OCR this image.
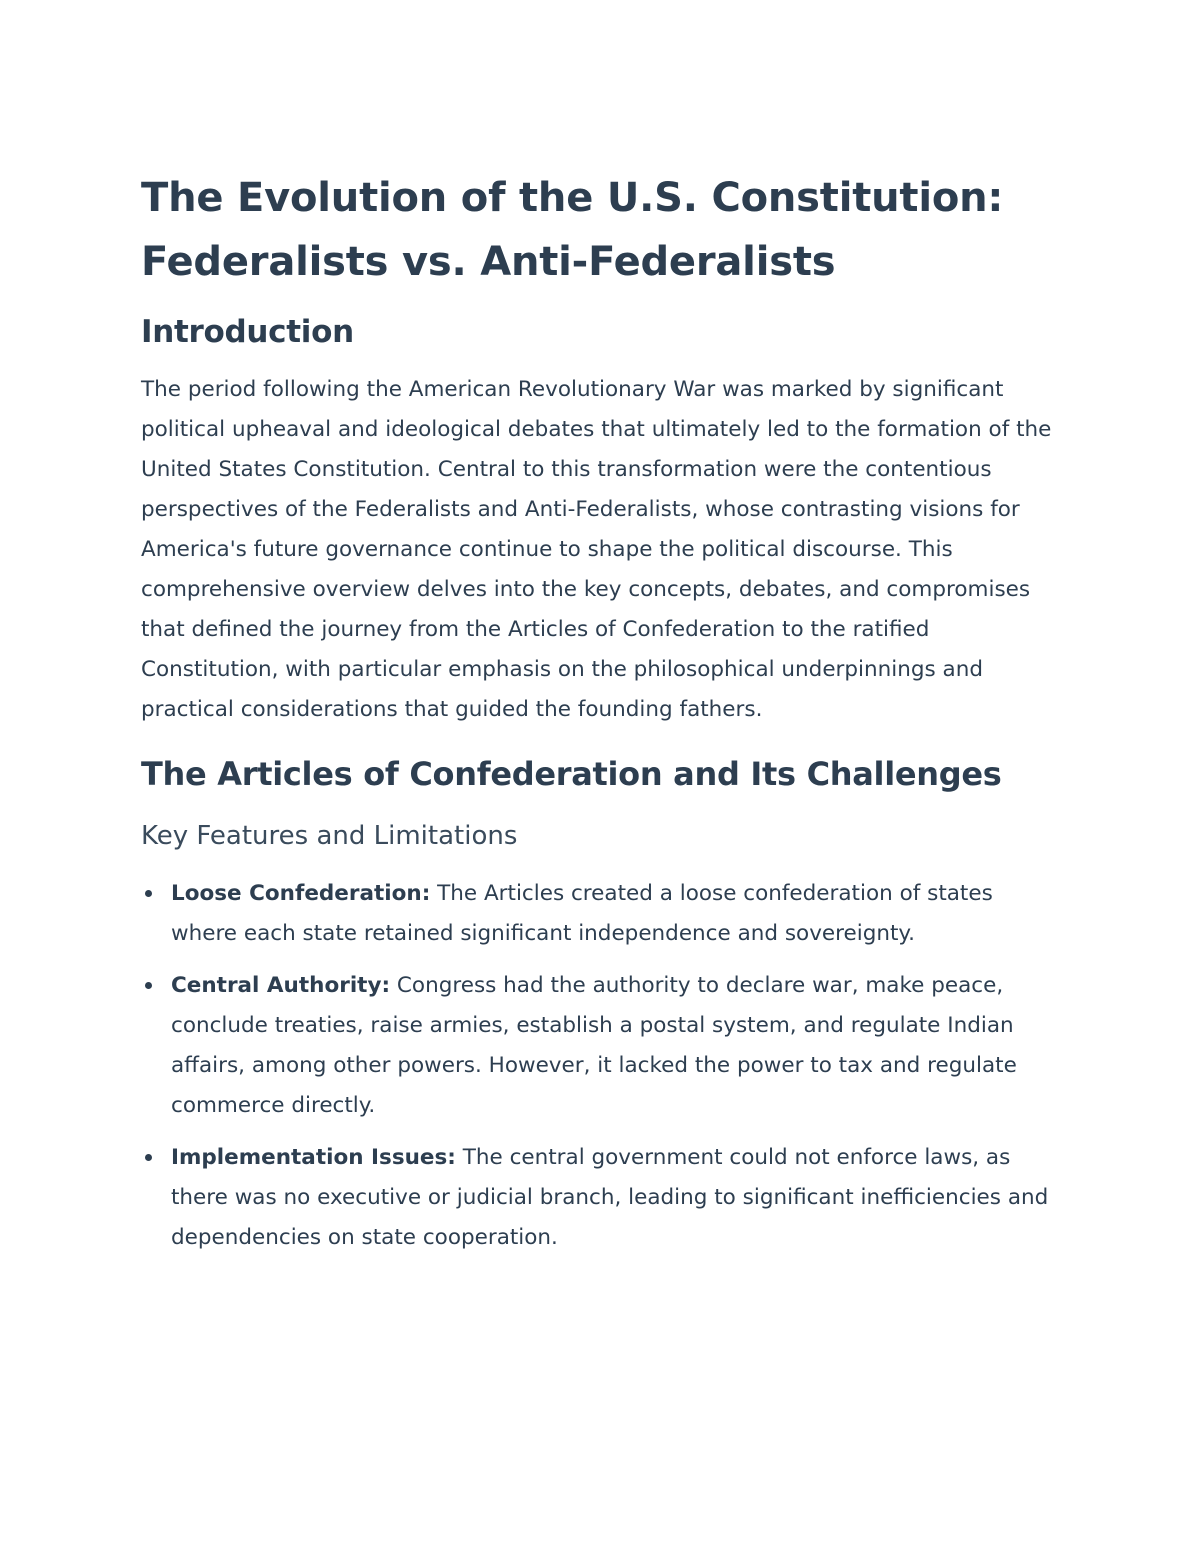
The Evolution of the U.S. Constitution:
Federalists vs. Anti-Federalists
Introduction

The period following the American Revolutionary War was marked by significant political upheaval and ideological debates that ultimately led to the formation of the United States Constitution. Central to this transformation were the contentious perspectives of the Federalists and Anti-Federalists, whose contrasting visions for America's future governance continue to shape the political discourse. This comprehensive overview delves into the key concepts, debates, and compromises that defined the journey from the Articles of Confederation to the ratified Constitution, with particular emphasis on the philosophical underpinnings and practical considerations that guided the founding fathers.

The Articles of Confederation and Its Challenges
Key Features and Limitations
Loose Confederation: The Articles created a loose confederation of states where each state retained significant independence and sovereignty.
Central Authority: Congress had the authority to declare war, make peace, conclude treaties, raise armies, establish a postal system, and regulate Indian affairs, among other powers. However, it lacked the power to tax and regulate commerce directly.
Implementation Issues: The central government could not enforce laws, as there was no executive or judicial branch, leading to significant inefficiencies and dependencies on state cooperation.
